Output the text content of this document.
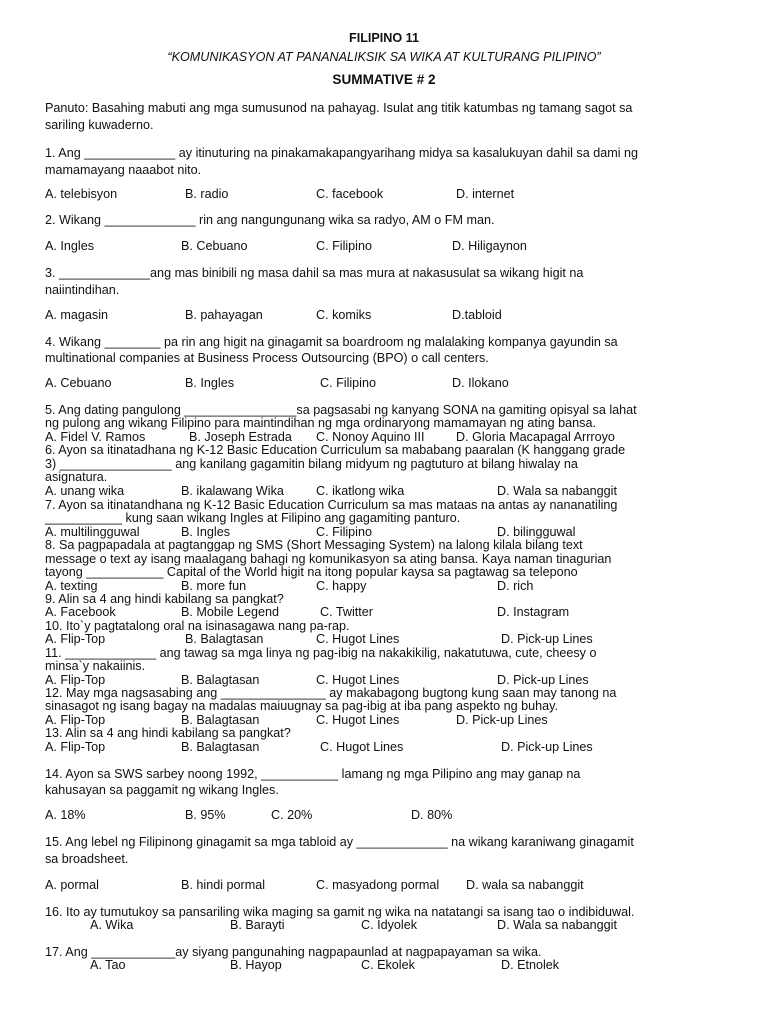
FILIPINO 11
“KOMUNIKASYON AT PANANALIKSIK SA WIKA AT KULTURANG PILIPINO”
SUMMATIVE # 2
Panuto: Basahing mabuti ang mga sumusunod na pahayag. Isulat ang titik katumbas ng tamang sagot sa
sariling kuwaderno.
1. Ang _____________ ay itinuturing na pinakamakapangyarihang midya sa kasalukuyan dahil sa dami ng
mamamayang naaabot nito.
A. telebisyon	B. radio	C. facebook	D. internet
2. Wikang _____________ rin ang nangungunang wika sa radyo, AM o FM man.
A. Ingles	B. Cebuano	C. Filipino	D. Hiligaynon
3. _____________ang mas binibili ng masa dahil sa mas mura at nakasusulat sa wikang higit na
naiintindihan.
A. magasin	B. pahayagan	C. komiks	D.tabloid
4. Wikang ________ pa rin ang higit na ginagamit sa boardroom ng malalaking kompanya gayundin sa
multinational companies at Business Process Outsourcing (BPO) o call centers.
A. Cebuano	B. Ingles	C. Filipino	D. Ilokano
5. Ang dating pangulong ________________sa pagsasabi ng kanyang SONA na gamiting opisyal sa lahat
ng pulong ang wikang Filipino para maintindihan ng mga ordinaryong mamamayan ng ating bansa.
A. Fidel V. Ramos	B. Joseph Estrada C. Nonoy Aquino III D. Gloria Macapagal Arrroyo
6. Ayon sa itinatadhana ng K-12 Basic Education Curriculum sa mababang paaralan (K hanggang grade
3) ________________ ang kanilang gagamitin bilang midyum ng pagtuturo at bilang hiwalay na
asignatura.
A. unang wika	B. ikalawang Wika	C. ikatlong wika	D. Wala sa nabanggit
7. Ayon sa itinatandhana ng K-12 Basic Education Curriculum sa mas mataas na antas ay nananatiling
___________ kung saan wikang Ingles at Filipino ang gagamiting panturo.
A. multilingguwal	B. Ingles	C. Filipino	D. bilingguwal
8. Sa pagpapadala at pagtanggap ng SMS (Short Messaging System) na lalong kilala bilang text
message o text ay isang maalagang bahagi ng komunikasyon sa ating bansa. Kaya naman tinagurian
tayong ___________ Capital of the World higit na itong popular kaysa sa pagtawag sa telepono
A. texting	B. more fun	C. happy	D. rich
9. Alin sa 4 ang hindi kabilang sa pangkat?
A. Facebook	B. Mobile Legend	C. Twitter	D. Instagram
10. Ito`y pagtatalong oral na isinasagawa nang pa-rap.
A. Flip-Top	B. Balagtasan	C. Hugot Lines	D. Pick-up Lines
11. _____________ ang tawag sa mga linya ng pag-ibig na nakakikilig, nakatutuwa, cute, cheesy o
minsa`y nakaiinis.
A. Flip-Top	B. Balagtasan	C. Hugot Lines	D. Pick-up Lines
12. May mga nagsasabing ang _______________ ay makabagong bugtong kung saan may tanong na
sinasagot ng isang bagay na madalas maiuugnay sa pag-ibig at iba pang aspekto ng buhay.
A. Flip-Top	B. Balagtasan	C. Hugot Lines	D. Pick-up Lines
13. Alin sa 4 ang hindi kabilang sa pangkat?
A. Flip-Top	B. Balagtasan	C. Hugot Lines	D. Pick-up Lines
14. Ayon sa SWS sarbey noong 1992, ___________ lamang ng mga Pilipino ang may ganap na
kahusayan sa paggamit ng wikang Ingles.
A. 18%	B. 95%	C. 20%	D. 80%
15. Ang lebel ng Filipinong ginagamit sa mga tabloid ay _____________ na wikang karaniwang ginagamit
sa broadsheet.
A. pormal	B. hindi pormal	C. masyadong pormal D. wala sa nabanggit
16. Ito ay tumutukoy sa pansariling wika maging sa gamit ng wika na natatangi sa isang tao o indibiduwal.
A. Wika	B. Barayti	C. Idyolek	D. Wala sa nabanggit
17. Ang ____________ay siyang pangunahing nagpapaunlad at nagpapayaman sa wika.
A. Tao	B. Hayop	C. Ekolek	D. Etnolek
